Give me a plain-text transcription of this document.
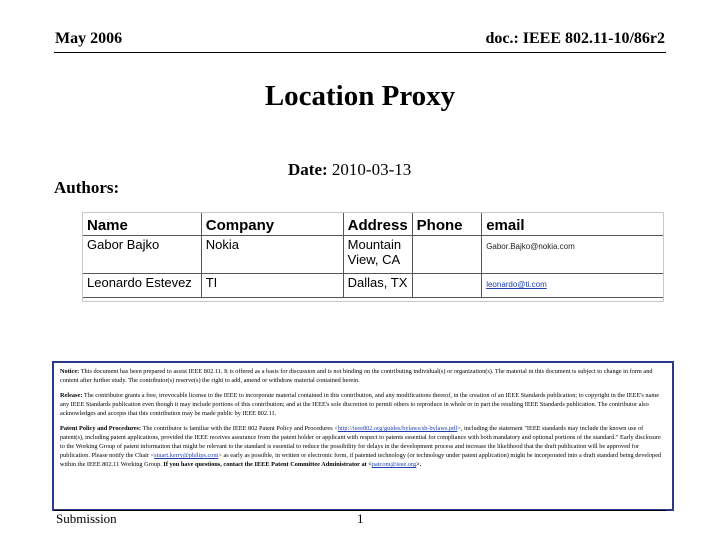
May 2006	doc.: IEEE 802.11-10/86r2
Location Proxy
Date: 2010-03-13
Authors:
Name	Company	Address	Phone	email
Gabor Bajko	Nokia	Mountain View, CA		Gabor.Bajko@nokia.com
Leonardo Estevez	TI	Dallas, TX		leonardo@ti.com

Notice: This document has been prepared to assist IEEE 802.11. It is offered as a basis for discussion and is not binding on the contributing individual(s) or organization(s). The material in this document is subject to change in form and content after further study. The contributor(s) reserve(s) the right to add, amend or withdraw material contained herein.

Release: The contributor grants a free, irrevocable license to the IEEE to incorporate material contained in this contribution, and any modifications thereof, in the creation of an IEEE Standards publication; to copyright in the IEEE's name any IEEE Standards publication even though it may include portions of this contribution; and at the IEEE's sole discretion to permit others to reproduce in whole or in part the resulting IEEE Standards publication. The contributor also acknowledges and accepts that this contribution may be made public by IEEE 802.11.

Patent Policy and Procedures: The contributor is familiar with the IEEE 802 Patent Policy and Procedures <http://ieee802.org/guides/bylaws/sb-bylaws.pdf>, including the statement "IEEE standards may include the known use of patent(s), including patent applications, provided the IEEE receives assurance from the patent holder or applicant with respect to patents essential for compliance with both mandatory and optional portions of the standard." Early disclosure to the Working Group of patent information that might be relevant to the standard is essential to reduce the possibility for delays in the development process and increase the likelihood that the draft publication will be approved for publication. Please notify the Chair <stuart.kerry@philips.com> as early as possible, in written or electronic form, if patented technology (or technology under patent application) might be incorporated into a draft standard being developed within the IEEE 802.11 Working Group. If you have questions, contact the IEEE Patent Committee Administrator at <patcom@ieee.org>.

Submission	1
